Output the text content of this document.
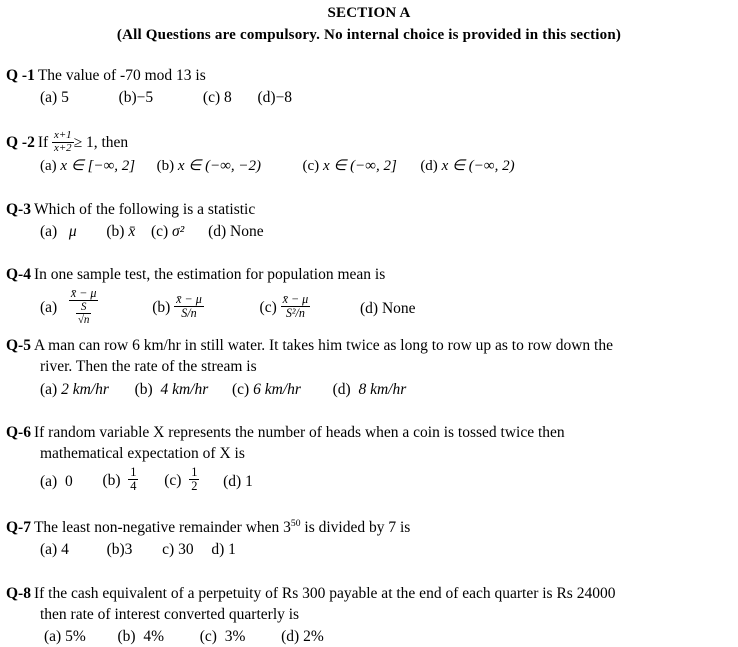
SECTION A
(All Questions are compulsory. No internal choice is provided in this section)
Q -1 The value of -70 mod 13 is
(a) 5	(b)−5	(c) 8 (d)−8
Q -2 If $\frac{x+1}{x+2} \ge 1$, then
(a) x ∈ [−∞, 2] (b) x ∈ (−∞, −2)	(c) x ∈ (−∞, 2] (d) x ∈ (−∞, 2)
Q-3 Which of the following is a statistic
(a) μ (b) x̄ (c) σ² (d) None
Q-4 In one sample test, the estimation for population mean is
$(a) \frac{x̄ - \mu}{\frac{S}{√n}}$	$(b) \frac{x̄ - \mu}{S/n}$	$(c) \frac{x̄ - \mu}{\text{S²/n}}$	(d) None
Q-5 A man can row 6 km/hr in still water. It takes him twice as long to row up as to row down the
river. Then the rate of the stream is
(a) 2 km/hr (b) 4 km/hr (c) 6 km/hr (d) 8 km/hr
Q-6 If random variable X represents the number of heads when a coin is tossed twice then
mathematical expectation of X is
(a) 0 $(b) \frac{1}{4} (c) \frac{1}{2} (d)$ 1
Q-7 The least non-negative remainder when $3^{50}$ is divided by 7 is
(a) 4 (b)3 c) 30 d) 1
Q-8 If the cash equivalent of a perpetuity of Rs 300 payable at the end of each quarter is Rs 24000
then rate of interest converted quarterly is
(a) 5% (b) 4% (c) 3% (d) 2%
